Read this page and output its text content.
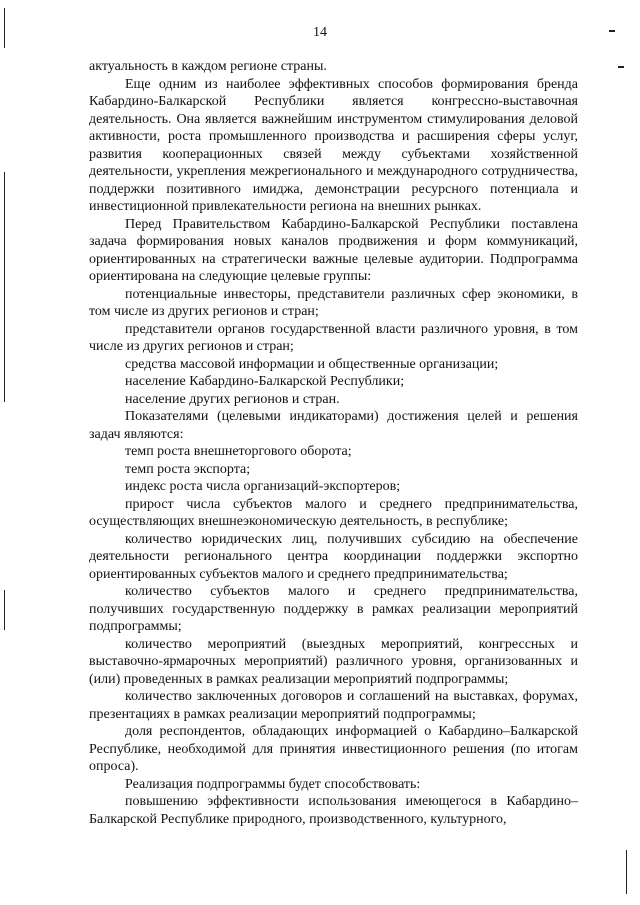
14

актуальность в каждом регионе страны.

Еще одним из наиболее эффективных способов формирования бренда Кабардино-Балкарской Республики является конгрессно-выставочная деятельность. Она является важнейшим инструментом стимулирования деловой активности, роста промышленного производства и расширения сферы услуг, развития кооперационных связей между субъектами хозяйственной деятельности, укрепления межрегионального и международного сотрудничества, поддержки позитивного имиджа, демонстрации ресурсного потенциала и инвестиционной привлекательности региона на внешних рынках.

Перед Правительством Кабардино-Балкарской Республики поставлена задача формирования новых каналов продвижения и форм коммуникаций, ориентированных на стратегически важные целевые аудитории. Подпрограмма ориентирована на следующие целевые группы:

потенциальные инвесторы, представители различных сфер экономики, в том числе из других регионов и стран;

представители органов государственной власти различного уровня, в том числе из других регионов и стран;

средства массовой информации и общественные организации;

население Кабардино-Балкарской Республики;

население других регионов и стран.

Показателями (целевыми индикаторами) достижения целей и решения задач являются:

темп роста внешнеторгового оборота;

темп роста экспорта;

индекс роста числа организаций-экспортеров;

прирост числа субъектов малого и среднего предпринимательства, осуществляющих внешнеэкономическую деятельность, в республике;

количество юридических лиц, получивших субсидию на обеспечение деятельности регионального центра координации поддержки экспортно ориентированных субъектов малого и среднего предпринимательства;

количество субъектов малого и среднего предпринимательства, получивших государственную поддержку в рамках реализации мероприятий подпрограммы;

количество мероприятий (выездных мероприятий, конгрессных и выставочно-ярмарочных мероприятий) различного уровня, организованных и (или) проведенных в рамках реализации мероприятий подпрограммы;

количество заключенных договоров и соглашений на выставках, форумах, презентациях в рамках реализации мероприятий подпрограммы;

доля респондентов, обладающих информацией о Кабардино–Балкарской Республике, необходимой для принятия инвестиционного решения (по итогам опроса).

Реализация подпрограммы будет способствовать:

повышению эффективности использования имеющегося в Кабардино–Балкарской Республике природного, производственного, культурного,
